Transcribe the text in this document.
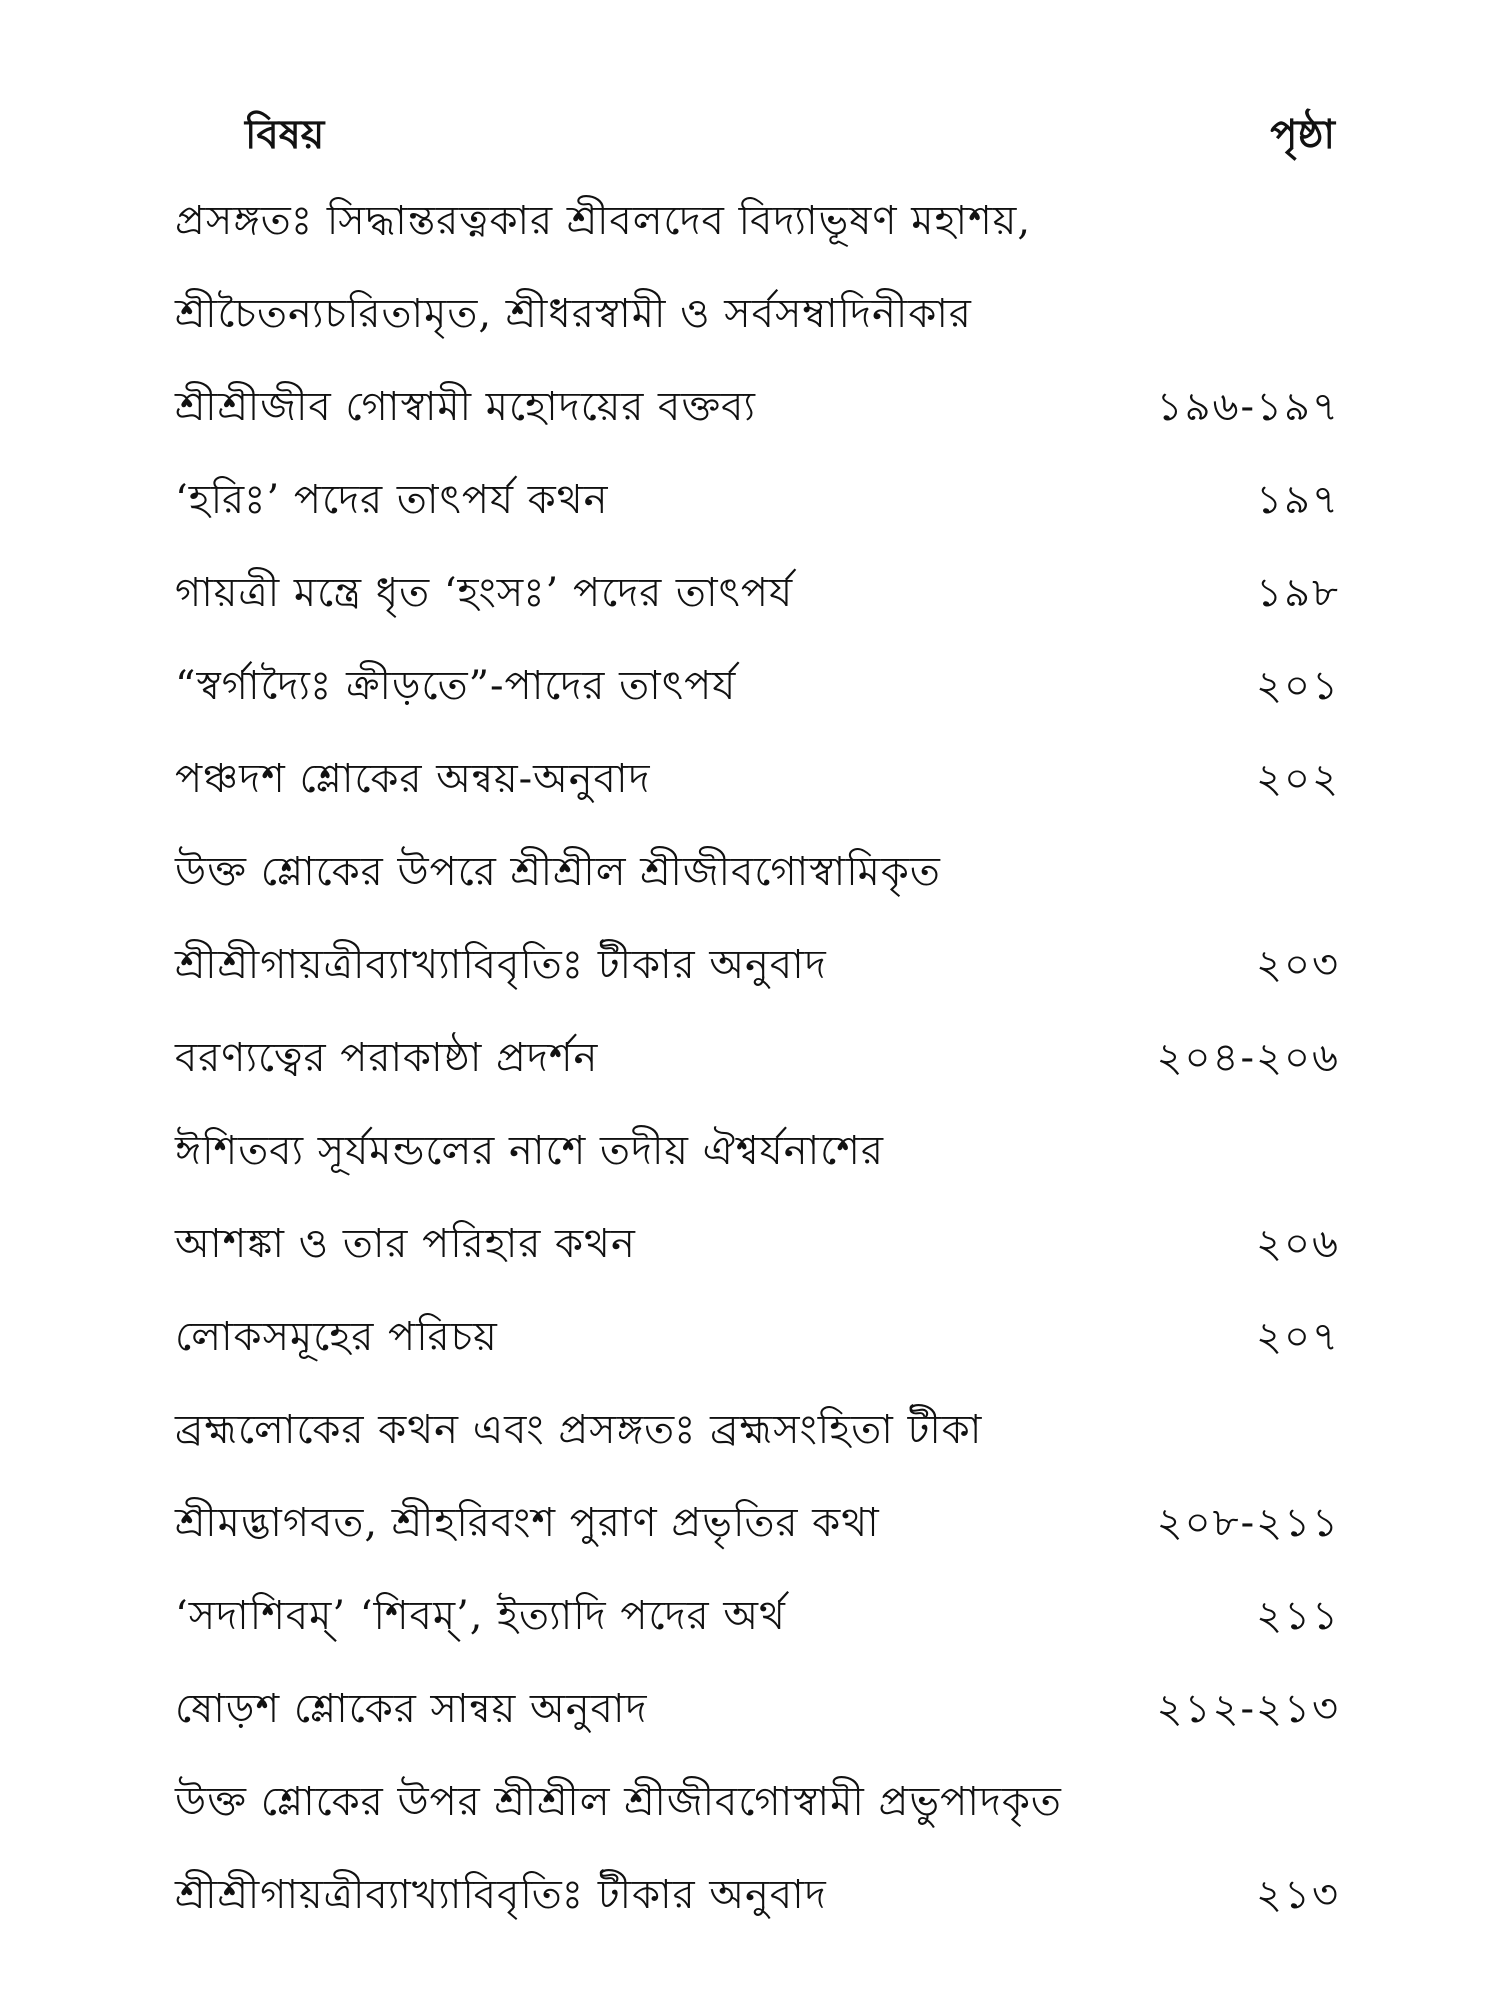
বিষয়	পৃষ্ঠা
প্রসঙ্গতঃ সিদ্ধান্তরত্নকার শ্রীবলদেব বিদ্যাভূষণ মহাশয়,
শ্রীচৈতন্যচরিতামৃত, শ্রীধরস্বামী ও সর্বসম্বাদিনীকার
শ্রীশ্রীজীব গোস্বামী মহোদয়ের বক্তব্য	১৯৬-১৯৭
‘হরিঃ’ পদের তাৎপর্য কথন	১৯৭
গায়ত্রী মন্ত্রে ধৃত ‘হংসঃ’ পদের তাৎপর্য	১৯৮
“স্বর্গাদ্যৈঃ ক্রীড়তে”-পাদের তাৎপর্য	২০১
পঞ্চদশ শ্লোকের অন্বয়-অনুবাদ	২০২
উক্ত শ্লোকের উপরে শ্রীশ্রীল শ্রীজীবগোস্বামিকৃত
শ্রীশ্রীগায়ত্রীব্যাখ্যাবিবৃতিঃ টীকার অনুবাদ	২০৩
বরণ্যত্বের পরাকাষ্ঠা প্রদর্শন	২০৪-২০৬
ঈশিতব্য সূর্যমন্ডলের নাশে তদীয় ঐশ্বর্যনাশের
আশঙ্কা ও তার পরিহার কথন	২০৬
লোকসমূহের পরিচয়	২০৭
ব্রহ্মলোকের কথন এবং প্রসঙ্গতঃ ব্রহ্মসংহিতা টীকা
শ্রীমদ্ভাগবত, শ্রীহরিবংশ পুরাণ প্রভৃতির কথা	২০৮-২১১
‘সদাশিবম্’ ‘শিবম্’, ইত্যাদি পদের অর্থ	২১১
ষোড়শ শ্লোকের সান্বয় অনুবাদ	২১২-২১৩
উক্ত শ্লোকের উপর শ্রীশ্রীল শ্রীজীবগোস্বামী প্রভুপাদকৃত
শ্রীশ্রীগায়ত্রীব্যাখ্যাবিবৃতিঃ টীকার অনুবাদ	২১৩
